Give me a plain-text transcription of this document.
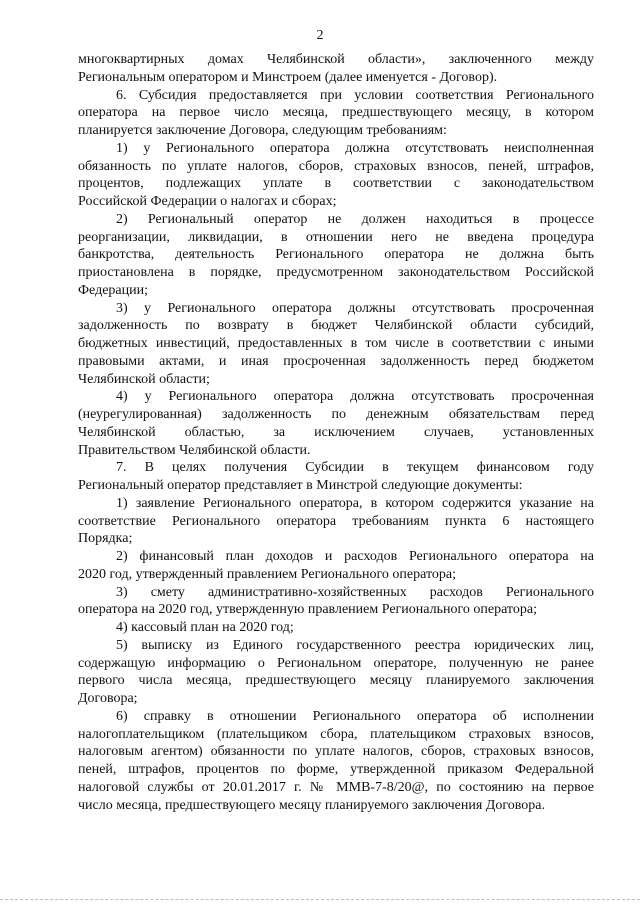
2
многоквартирных домах Челябинской области», заключенного между
Региональным оператором и Минстроем (далее именуется - Договор).
6. Субсидия предоставляется при условии соответствия Регионального
оператора на первое число месяца, предшествующего месяцу, в котором
планируется заключение Договора, следующим требованиям:
1) у Регионального оператора должна отсутствовать неисполненная
обязанность по уплате налогов, сборов, страховых взносов, пеней, штрафов,
процентов, подлежащих уплате в соответствии с законодательством
Российской Федерации о налогах и сборах;
2) Региональный оператор не должен находиться в процессе
реорганизации, ликвидации, в отношении него не введена процедура
банкротства, деятельность Регионального оператора не должна быть
приостановлена в порядке, предусмотренном законодательством Российской
Федерации;
3) у Регионального оператора должны отсутствовать просроченная
задолженность по возврату в бюджет Челябинской области субсидий,
бюджетных инвестиций, предоставленных в том числе в соответствии с иными
правовыми актами, и иная просроченная задолженность перед бюджетом
Челябинской области;
4) у Регионального оператора должна отсутствовать просроченная
(неурегулированная) задолженность по денежным обязательствам перед
Челябинской областью, за исключением случаев, установленных
Правительством Челябинской области.
7. В целях получения Субсидии в текущем финансовом году
Региональный оператор представляет в Минстрой следующие документы:
1) заявление Регионального оператора, в котором содержится указание на
соответствие Регионального оператора требованиям пункта 6 настоящего
Порядка;
2) финансовый план доходов и расходов Регионального оператора на
2020 год, утвержденный правлением Регионального оператора;
3) смету административно-хозяйственных расходов Регионального
оператора на 2020 год, утвержденную правлением Регионального оператора;
4) кассовый план на 2020 год;
5) выписку из Единого государственного реестра юридических лиц,
содержащую информацию о Региональном операторе, полученную не ранее
первого числа месяца, предшествующего месяцу планируемого заключения
Договора;
6) справку в отношении Регионального оператора об исполнении
налогоплательщиком (плательщиком сбора, плательщиком страховых взносов,
налоговым агентом) обязанности по уплате налогов, сборов, страховых взносов,
пеней, штрафов, процентов по форме, утвержденной приказом Федеральной
налоговой службы от 20.01.2017 г. № ММВ-7-8/20@, по состоянию на первое
число месяца, предшествующего месяцу планируемого заключения Договора.
